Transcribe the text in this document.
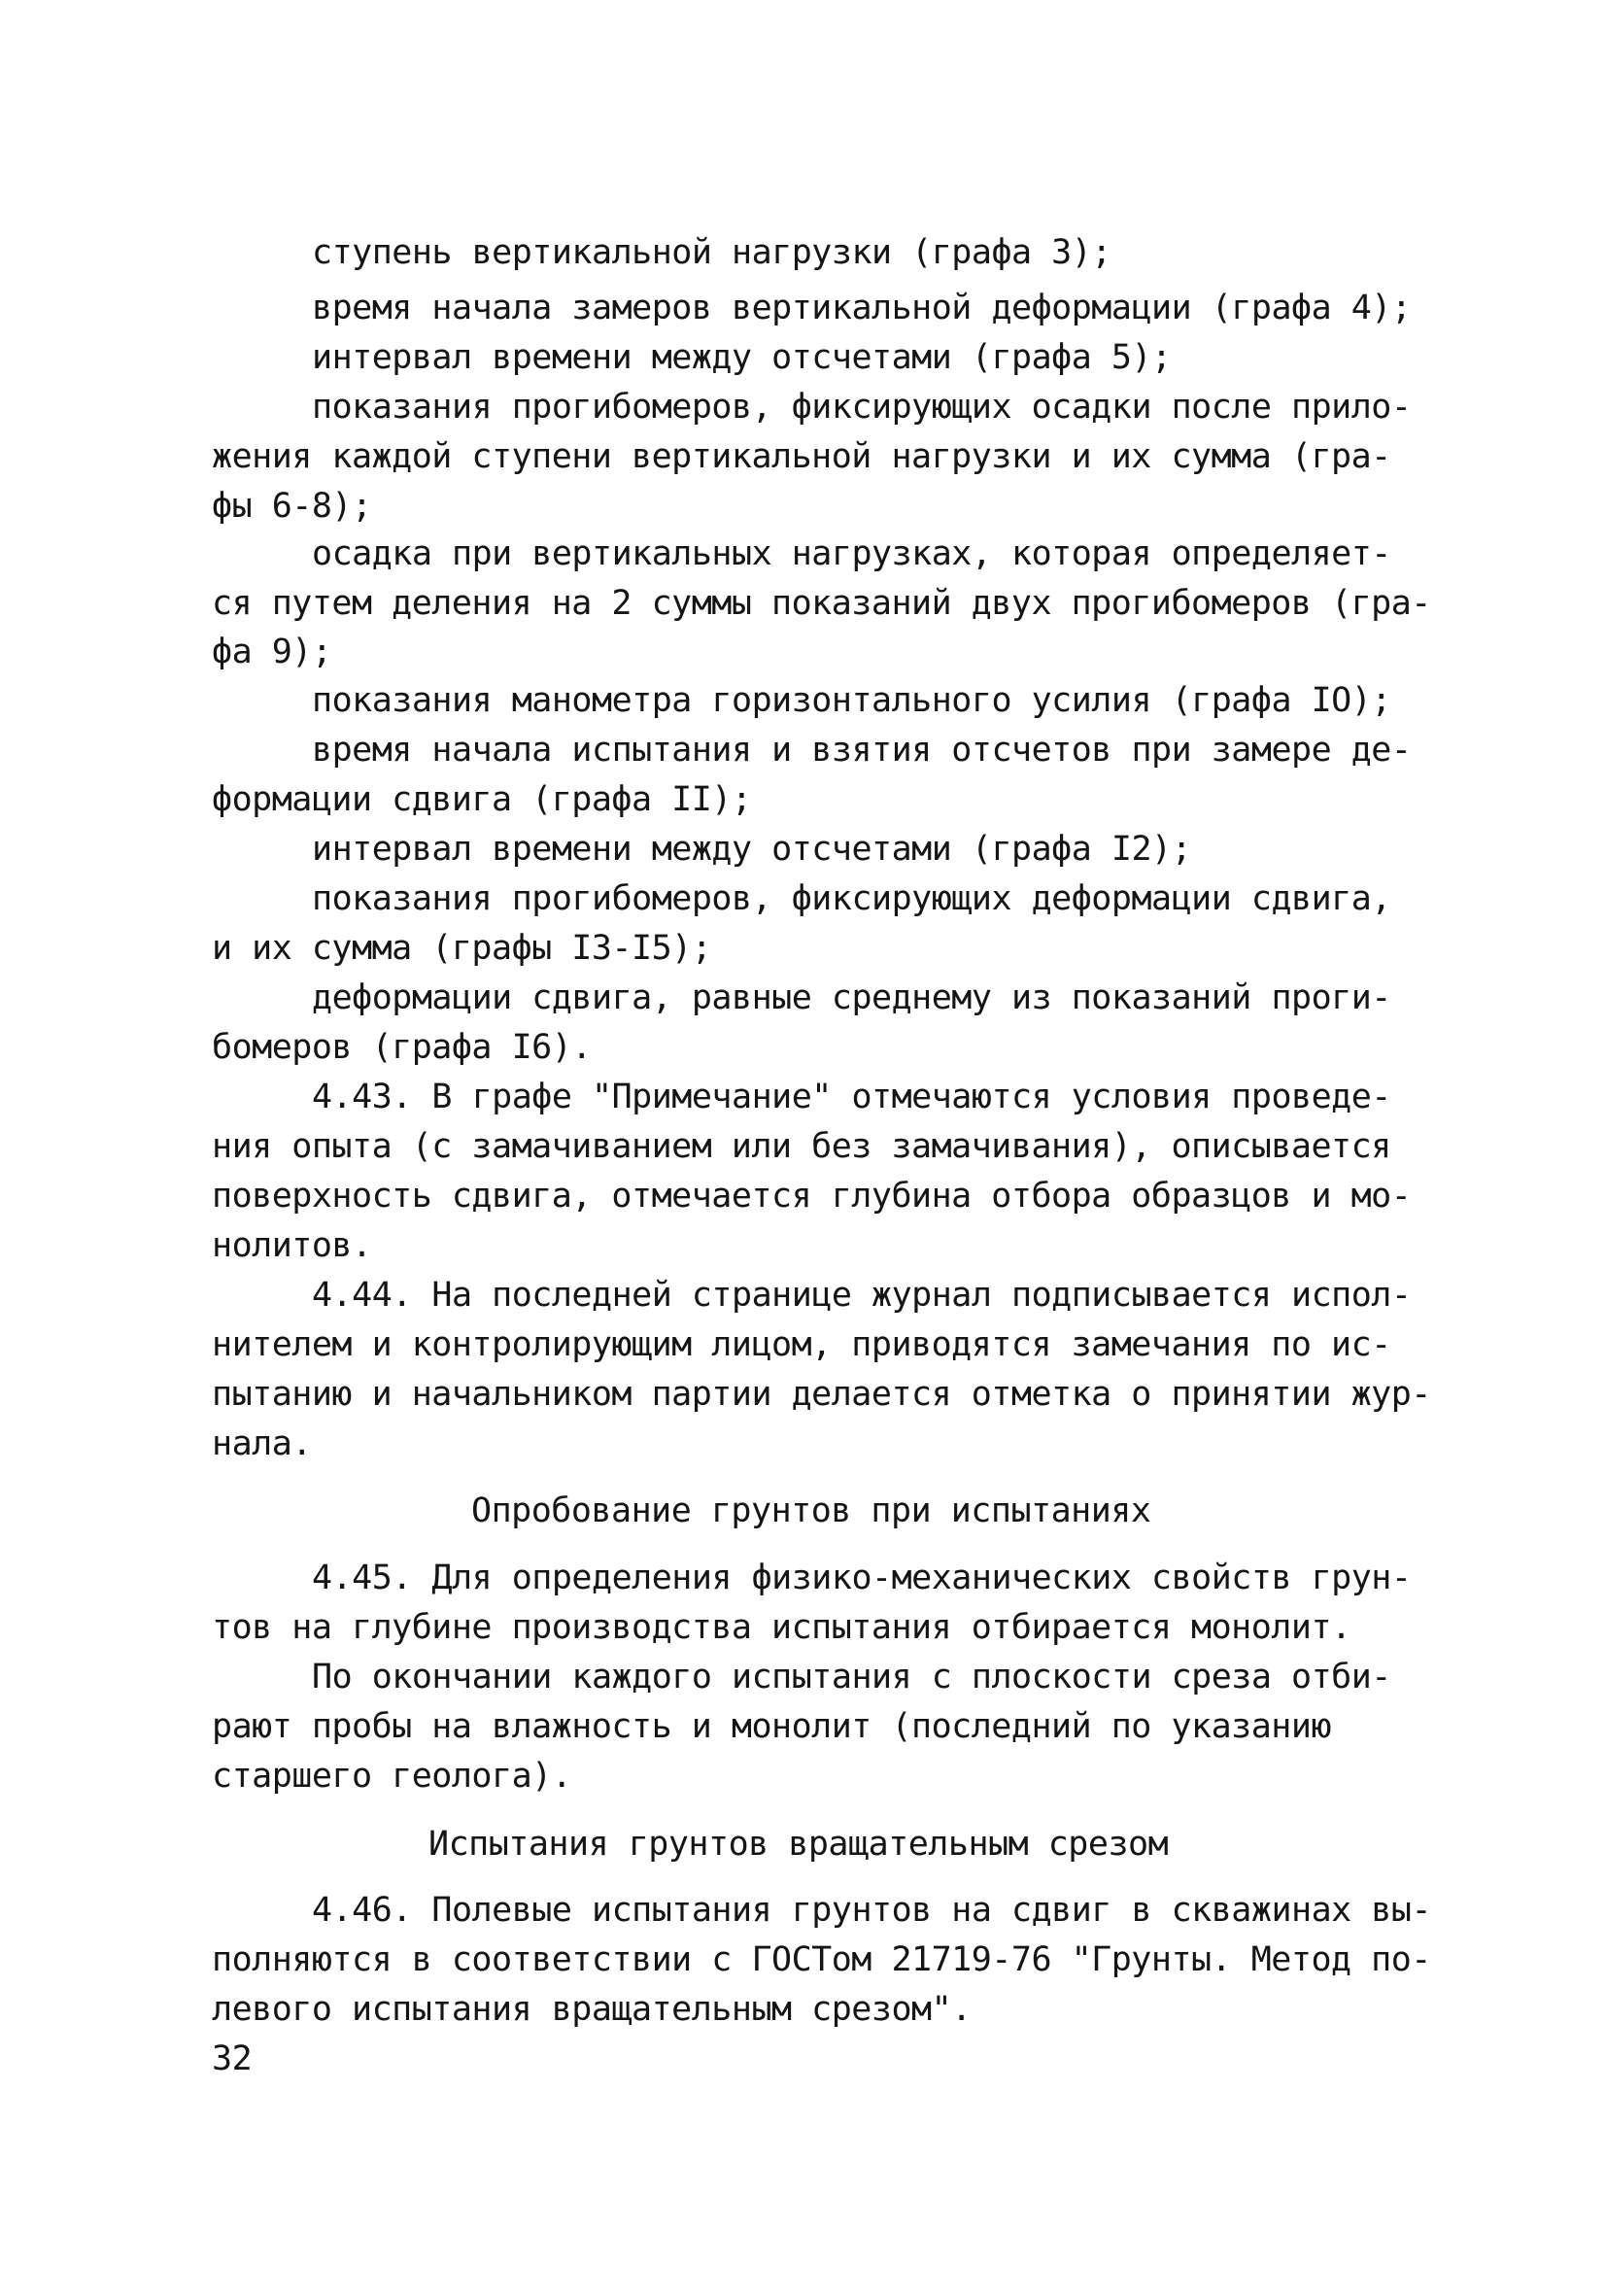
ступень вертикальной нагрузки (графа 3);
время начала замеров вертикальной деформации (графа 4);
интервал времени между отсчетами (графа 5);
показания прогибомеров, фиксирующих осадки после прило-
жения каждой ступени вертикальной нагрузки и их сумма (гра-
фы 6-8);
осадка при вертикальных нагрузках, которая определяет-
ся путем деления на 2 суммы показаний двух прогибомеров (гра-
фа 9);
показания манометра горизонтального усилия (графа IO);
время начала испытания и взятия отсчетов при замере де-
формации сдвига (графа II);
интервал времени между отсчетами (графа I2);
показания прогибомеров, фиксирующих деформации сдвига,
и их сумма (графы I3-I5);
деформации сдвига, равные среднему из показаний проги-
бомеров (графа I6).
4.43. В графе "Примечание" отмечаются условия проведе-
ния опыта (с замачиванием или без замачивания), описывается
поверхность сдвига, отмечается глубина отбора образцов и мо-
нолитов.
4.44. На последней странице журнал подписывается испол-
нителем и контролирующим лицом, приводятся замечания по ис-
пытанию и начальником партии делается отметка о принятии жур-
нала.
Опробование грунтов при испытаниях
4.45. Для определения физико-механических свойств грун-
тов на глубине производства испытания отбирается монолит.
По окончании каждого испытания с плоскости среза отби-
рают пробы на влажность и монолит (последний по указанию
старшего геолога).
Испытания грунтов вращательным срезом
4.46. Полевые испытания грунтов на сдвиг в скважинах вы-
полняются в соответствии с ГОСТом 21719-76 "Грунты. Метод по-
левого испытания вращательным срезом".
32
